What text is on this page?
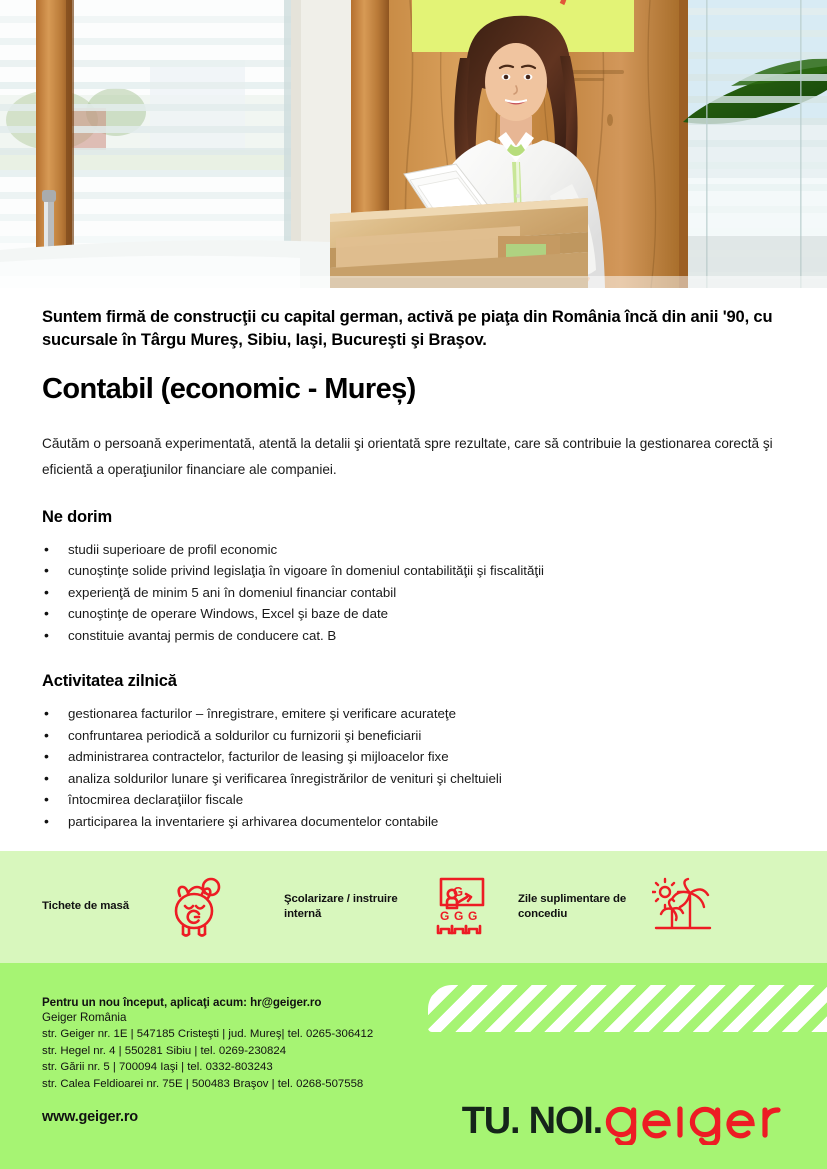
Suntem firmă de construcţii cu capital german, activă pe piaţa din România încă din anii '90, cu sucursale în Târgu Mureş, Sibiu, Iaşi, Bucureşti şi Braşov.

Contabil (economic - Mureș)

Căutăm o persoană experimentată, atentă la detalii şi orientată spre rezultate, care să contribuie la gestionarea corectă şi eficientă a operaţiunilor financiare ale companiei.

Ne dorim
• studii superioare de profil economic
• cunoştinţe solide privind legislaţia în vigoare în domeniul contabilităţii şi fiscalităţii
• experienţă de minim 5 ani în domeniul financiar contabil
• cunoştinţe de operare Windows, Excel şi baze de date
• constituie avantaj permis de conducere cat. B
Activitatea zilnică
• gestionarea facturilor – înregistrare, emitere şi verificare acurateţe
• confruntarea periodică a soldurilor cu furnizorii şi beneficiarii
• administrarea contractelor, facturilor de leasing şi mijloacelor fixe
• analiza soldurilor lunare şi verificarea înregistrărilor de venituri şi cheltuieli
• întocmirea declaraţiilor fiscale
• participarea la inventariere şi arhivarea documentelor contabile
Tichete de masă
Şcolarizare / instruire internă
G
G G G
Zile suplimentare de concediu

Pentru un nou început, aplicaţi acum: hr@geiger.ro

Geiger România

str. Geiger nr. 1E | 547185 Cristeşti | jud. Mureş| tel. 0265-306412

str. Hegel nr. 4 | 550281 Sibiu | tel. 0269-230824

str. Gării nr. 5 | 700094 Iaşi | tel. 0332-803243

str. Calea Feldioarei nr. 75E | 500483 Braşov | tel. 0268-507558

www.geiger.ro	TU. NOI.
